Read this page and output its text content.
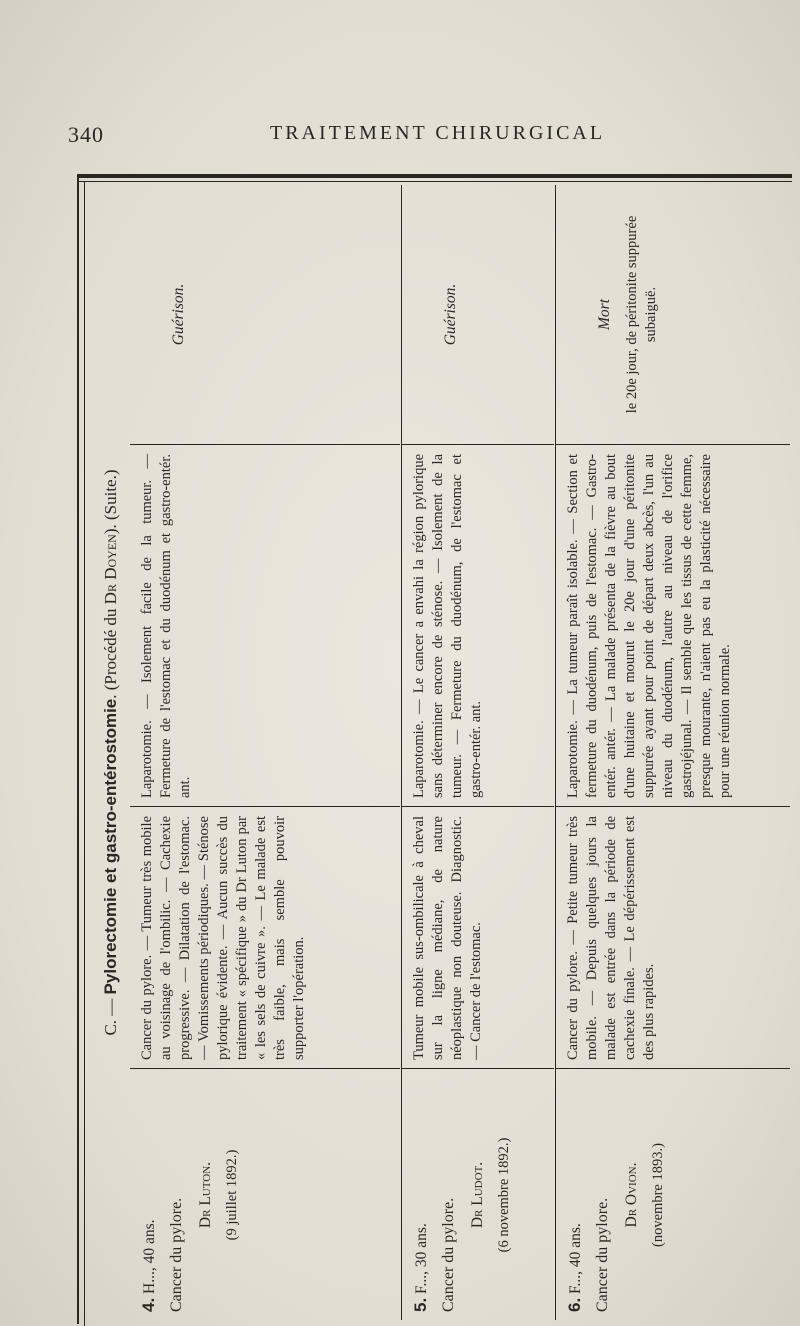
340	TRAITEMENT CHIRURGICAL
C. — Pylorectomie et gastro-entérostomie. (Procédé du Dr Doyen). (Suite.)

4. H..., 40 ans. Cancer du pylore.

Dr Luton. (9 juillet 1892.)

Cancer du pylore. — Tumeur très mobile au voisinage de l'ombilic. — Cachexie progressive. — Dilatation de l'estomac. — Vomissements périodiques. — Sténose pylorique évidente. — Aucun succès du traitement « spécifique » du Dr Luton par « les sels de cuivre ». — Le malade est très faible, mais semble pouvoir supporter l'opération.
Laparotomie. — Isolement facile de la tumeur. — Fermeture de l'estomac et du duodénum et gastro-entér. ant.
Guérison.

5. F..., 30 ans. Cancer du pylore.

Dr Ludot. (6 novembre 1892.)

Tumeur mobile sus-ombilicale à cheval sur la ligne médiane, de nature néoplastique non douteuse. Diagnostic. — Cancer de l'estomac.
Laparotomie. — Le cancer a envahi la région pylorique sans déterminer encore de sténose. — Isolement de la tumeur. — Fermeture du duodénum, de l'estomac et gastro-entér. ant.
Guérison.

6. F..., 40 ans. Cancer du pylore.

Dr Ovion. (novembre 1893.)

Cancer du pylore. — Petite tumeur très mobile. — Depuis quelques jours la malade est entrée dans la période de cachexie finale. — Le dépérissement est des plus rapides.
Laparotomie. — La tumeur paraît isolable. — Section et fermeture du duodénum, puis de l'estomac. — Gastro-entér. antér. — La malade présenta de la fièvre au bout d'une huitaine et mourut le 20e jour d'une péritonite suppurée ayant pour point de départ deux abcès, l'un au niveau du duodénum, l'autre au niveau de l'orifice gastrojéjunal. — Il semble que les tissus de cette femme, presque mourante, n'aient pas eu la plasticité nécessaire pour une réunion normale.
Mort le 20e jour, de péritonite suppurée subaiguë.
